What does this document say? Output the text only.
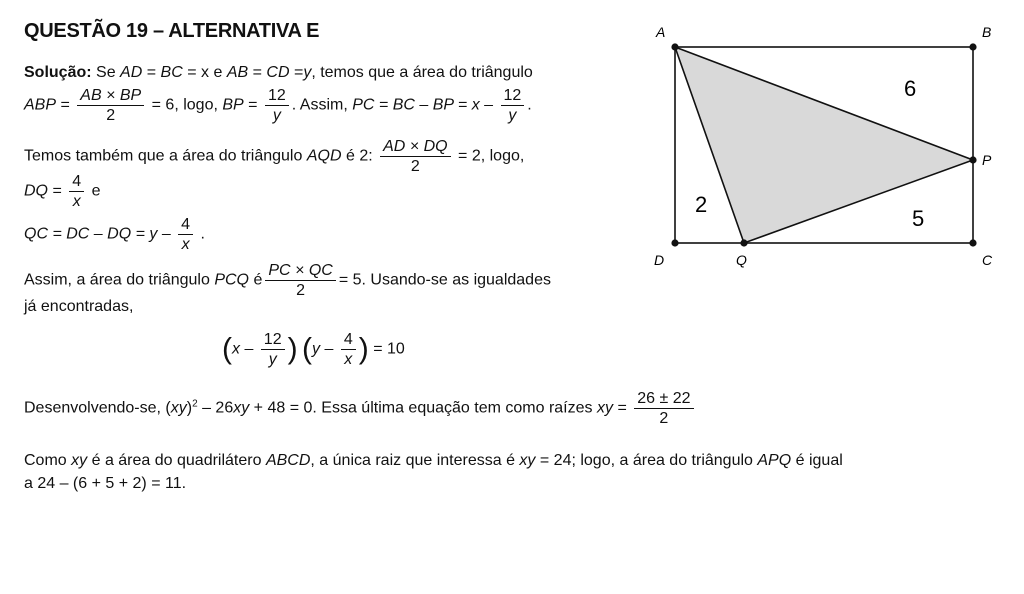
QUESTÃO 19 – ALTERNATIVA E
Solução: Se AD = BC = x e AB = CD =y, temos que a área do triângulo
ABP = $\frac{AB \times BP}{2} = 6$, logo, BP = $\frac{12}{y}$ . Assim, PC = BC – BP = x – $\frac{12}{y}$ .
Temos também que a área do triângulo AQD é 2: $\frac{AD \times DQ}{2} = 2$, logo,
DQ = $\frac{4}{x}$ e
QC = DC – DQ = y – $\frac{4}{x}$ .
Assim, a área do triângulo PCQ é $\frac{PC \times QC}{2} = 5$. Usando-se as igualdades
já encontradas,
($x - \frac{12}{y}$ ) ($y - \frac{4}{x}$ ) = 10
Desenvolvendo-se, (xy)$^2$ – 26xy + 48 = 0. Essa última equação tem como raízes xy = $\frac{26 \pm 22}{2}$
Como xy é a área do quadrilátero ABCD, a única raiz que interessa é xy = 24; logo, a área do triângulo APQ é igual
a 24 – (6 + 5 + 2) = 11.
A	B
C
D
P
Q
6
2
5
